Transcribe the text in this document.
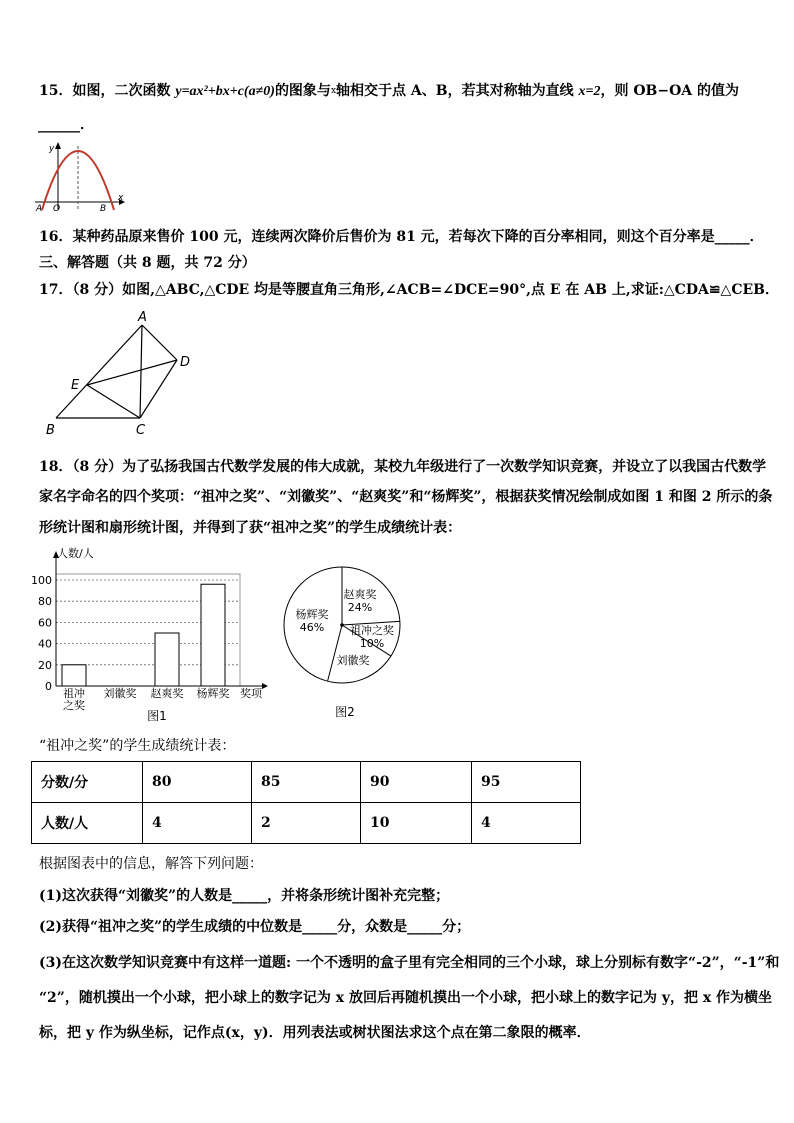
15．如图，二次函数 y=ax²+bx+c(a≠0)的图象与$^x$轴相交于点 A、B，若其对称轴为直线 x=2，则 OB−OA 的值为
______．
y
x
A O	B
16．某种药品原来售价 100 元，连续两次降价后售价为 81 元，若每次下降的百分率相同，则这个百分率是_____．
三、解答题（共 8 题，共 72 分）
17．（8 分）如图,△ABC,△CDE 均是等腰直角三角形,∠ACB=∠DCE=90°,点 E 在 AB 上,求证:△CDA≌△CEB．
A
B	C
D
E
18．（8 分）为了弘扬我国古代数学发展的伟大成就，某校九年级进行了一次数学知识竞赛，并设立了以我国古代数学
家名字命名的四个奖项：“祖冲之奖”、“刘徽奖”、“赵爽奖”和“杨辉奖”，根据获奖情况绘制成如图 1 和图 2 所示的条
形统计图和扇形统计图，并得到了获“祖冲之奖”的学生成绩统计表：
0
20
40
60
80
100
人数/人
奖项
祖冲
之奖
刘徽奖 赵爽奖 杨辉奖
图1
赵爽奖
24%
祖冲之奖
10%
刘徽奖
杨辉奖
46%
图2
“祖冲之奖”的学生成绩统计表：
分数/分	80	85	90	95
人数/人	4	2	10	4
根据图表中的信息，解答下列问题：
(1)这次获得“刘徽奖”的人数是_____，并将条形统计图补充完整；
(2)获得“祖冲之奖”的学生成绩的中位数是_____分，众数是_____分；
(3)在这次数学知识竞赛中有这样一道题: 一个不透明的盒子里有完全相同的三个小球，球上分别标有数字“-2”，“-1”和
“2”，随机摸出一个小球，把小球上的数字记为 x 放回后再随机摸出一个小球，把小球上的数字记为 y，把 x 作为横坐
标，把 y 作为纵坐标，记作点(x，y)．用列表法或树状图法求这个点在第二象限的概率．
